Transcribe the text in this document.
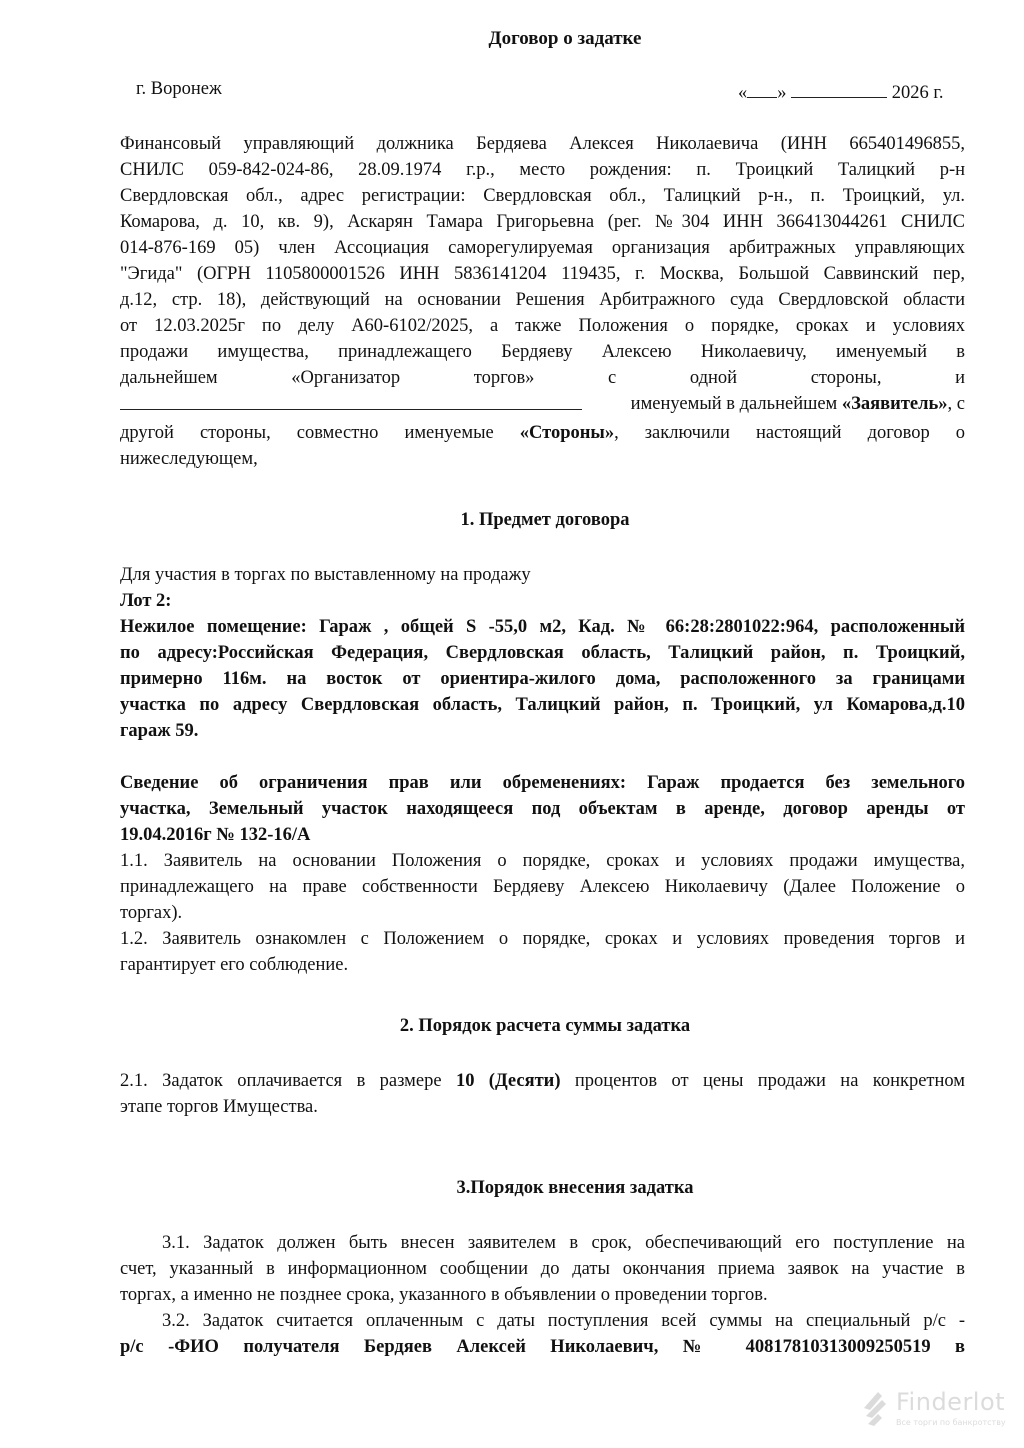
Договор о задатке
г. Воронеж	« »	2026 г.
Финансовый управляющий должника Бердяева Алексея Николаевича (ИНН 665401496855,
СНИЛС 059-842-024-86, 28.09.1974 г.р., место рождения: п. Троицкий Талицкий р-н
Свердловская обл., адрес регистрации: Свердловская обл., Талицкий р-н., п. Троицкий, ул.
Комарова, д. 10, кв. 9), Аскарян Тамара Григорьевна (рег. №304 ИНН 366413044261 СНИЛС
014-876-169 05) член Ассоциация саморегулируемая организация арбитражных управляющих
"Эгида" (ОГРН 1105800001526 ИНН 5836141204 119435, г. Москва, Большой Саввинский пер,
д.12, стр. 18), действующий на основании Решения Арбитражного суда Свердловской области
от 12.03.2025г по делу А60-6102/2025, а также Положения о порядке, сроках и условиях
продажи имущества, принадлежащего Бердяеву Алексею Николаевичу, именуемый в
дальнейшем «Организатор торгов» с одной стороны, и
именуемый в дальнейшем «Заявитель», с
другой стороны, совместно именуемые «Стороны», заключили настоящий договор о
нижеследующем,
1. Предмет договора
Для участия в торгах по выставленному на продажу
Лот 2:
Нежилое помещение: Гараж , общей S -55,0 м2, Кад. № 66:28:2801022:964, расположенный
по адресу:Российская Федерация, Свердловская область, Талицкий район, п. Троицкий,
примерно 116м. на восток от ориентира-жилого дома, расположенного за границами
участка по адресу Свердловская область, Талицкий район, п. Троицкий, ул Комарова,д.10
гараж 59.
Сведение об ограничения прав или обременениях: Гараж продается без земельного
участка, Земельный участок находящееся под объектам в аренде, договор аренды от
19.04.2016г № 132-16/А
1.1. Заявитель на основании Положения о порядке, сроках и условиях продажи имущества,
принадлежащего на праве собственности Бердяеву Алексею Николаевичу (Далее Положение о
торгах).
1.2. Заявитель ознакомлен с Положением о порядке, сроках и условиях проведения торгов и
гарантирует его соблюдение.
2. Порядок расчета суммы задатка
2.1. Задаток оплачивается в размере 10 (Десяти) процентов от цены продажи на конкретном
этапе торгов Имущества.
3.Порядок внесения задатка
3.1. Задаток должен быть внесен заявителем в срок, обеспечивающий его поступление на
счет, указанный в информационном сообщении до даты окончания приема заявок на участие в
торгах, а именно не позднее срока, указанного в объявлении о проведении торгов.
3.2. Задаток считается оплаченным с даты поступления всей суммы на специальный р/с -
р/с -ФИО получателя Бердяев Алексей Николаевич, № 40817810313009250519 в
Finderlot
Все торги по банкротству
